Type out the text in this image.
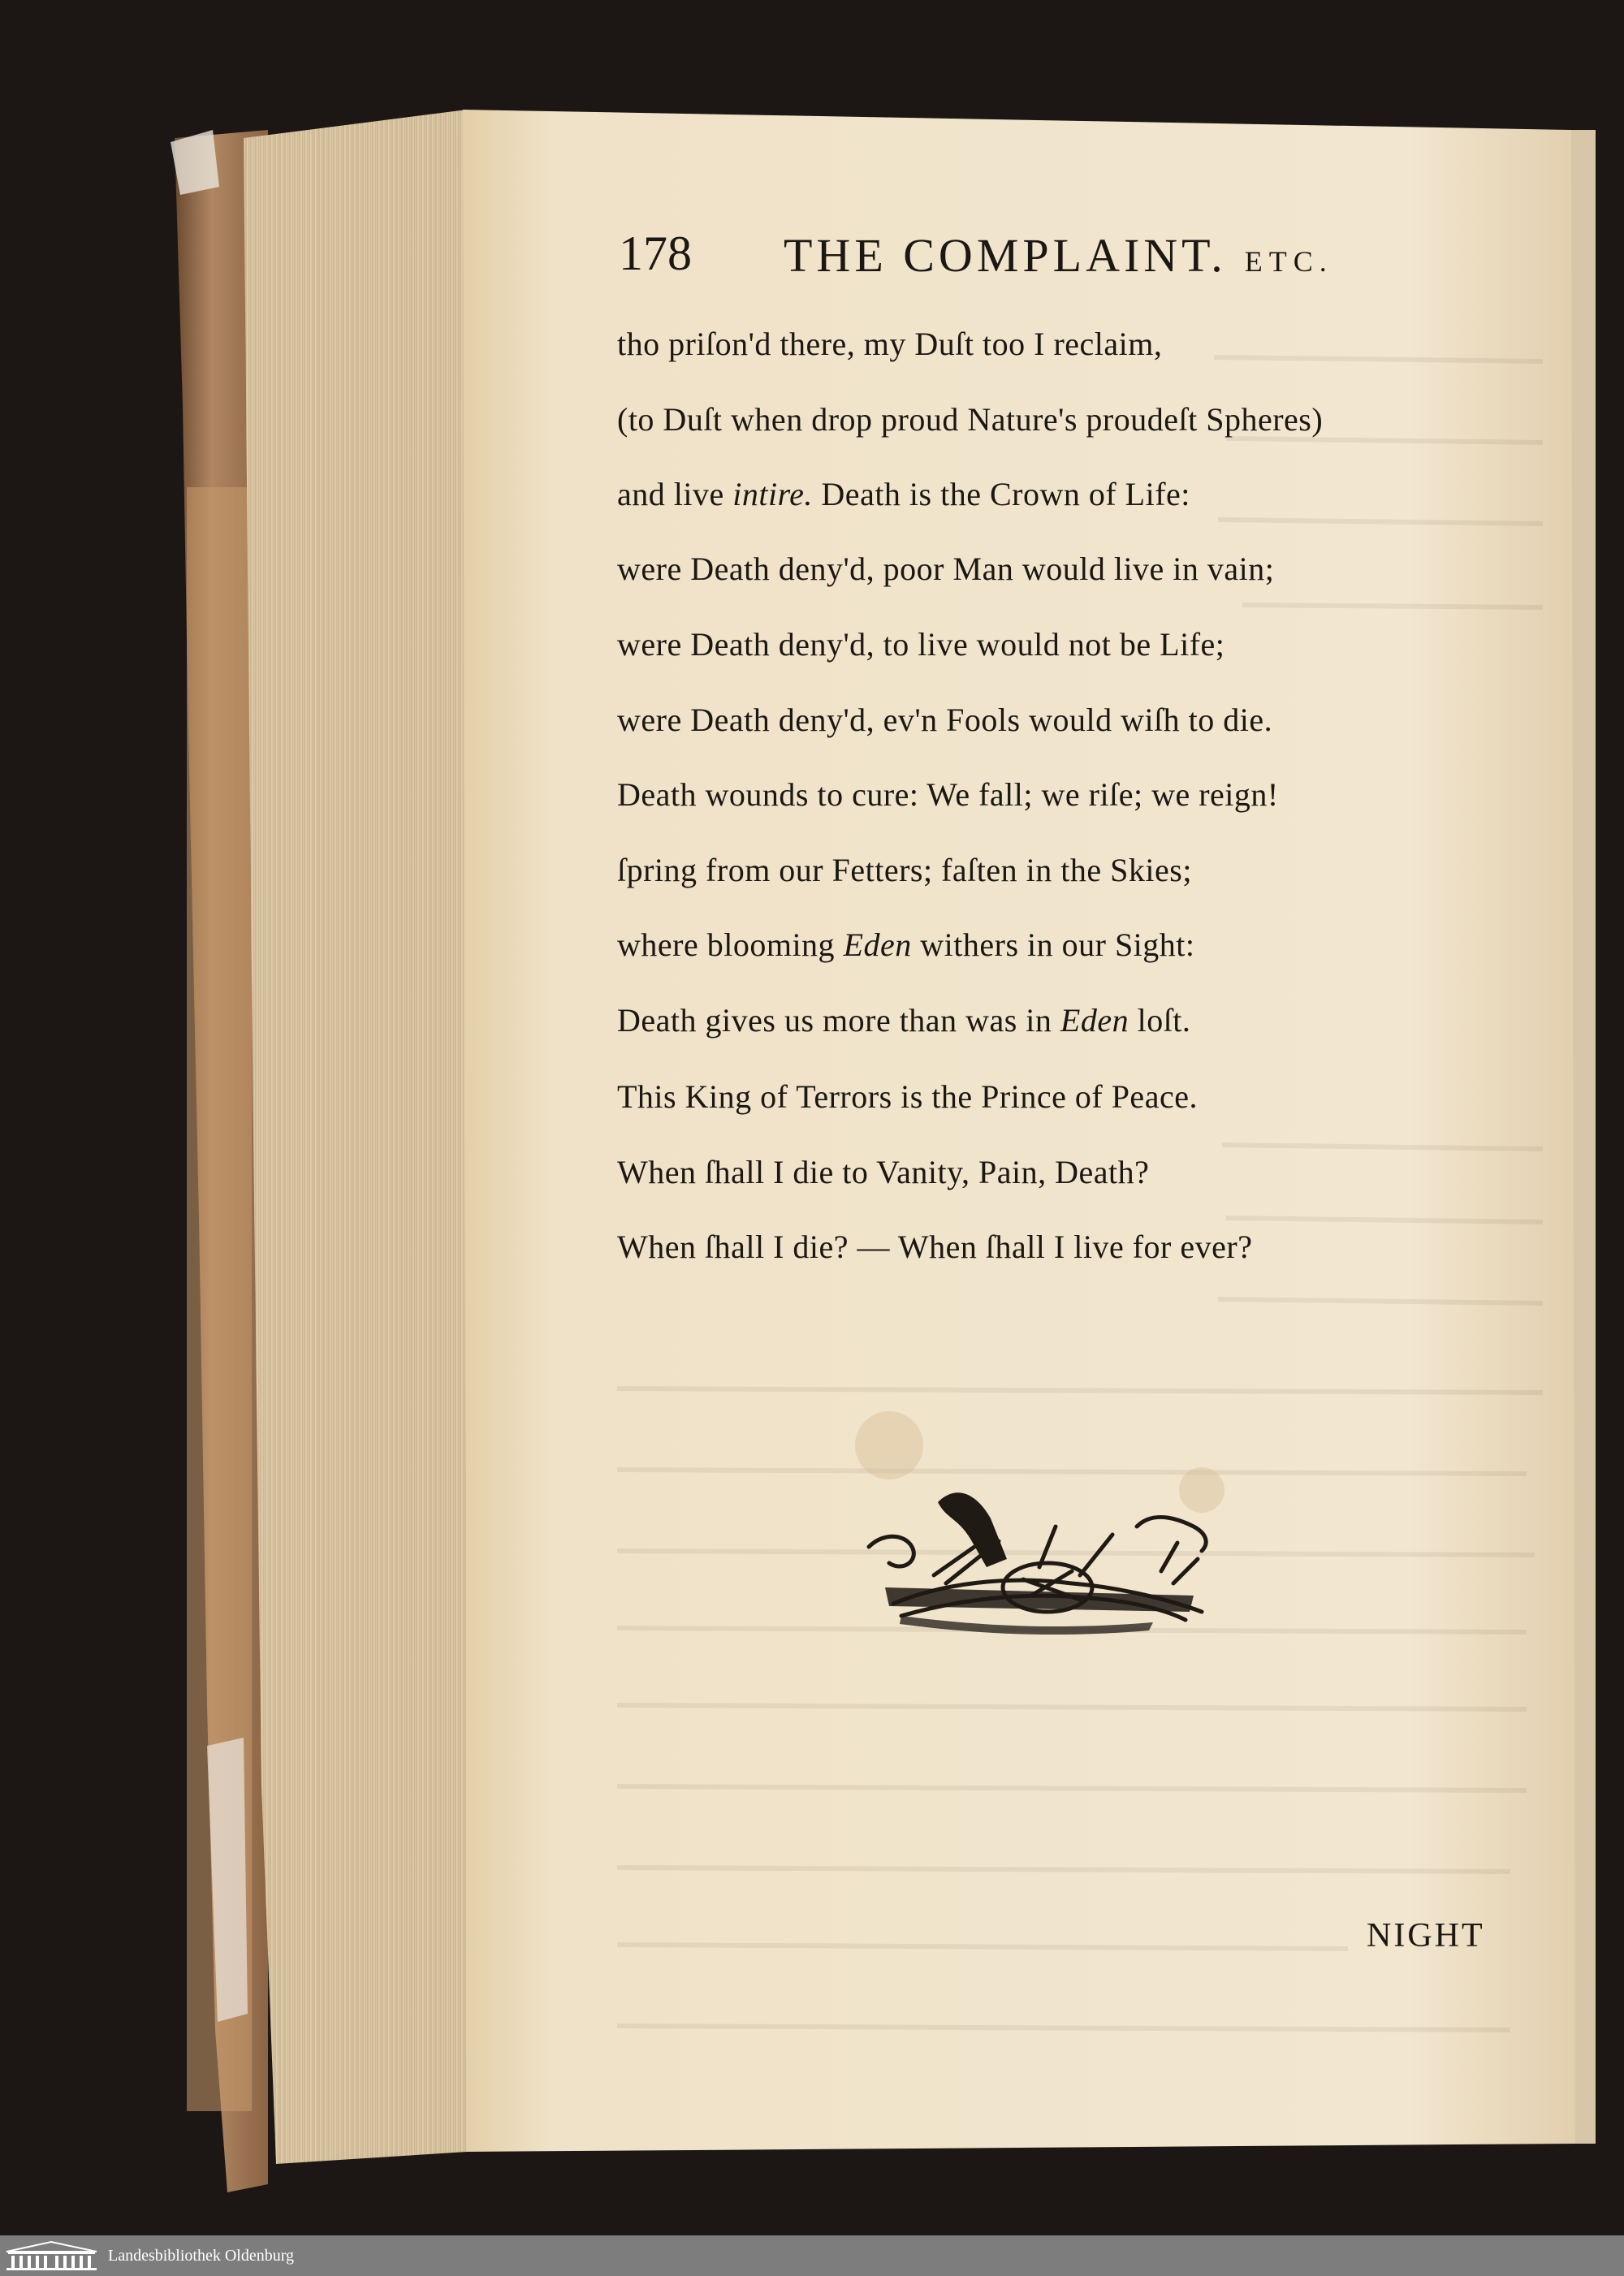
178 THE COMPLAINT. ETC.
tho priſon'd there, my Duſt too I reclaim,
(to Duſt when drop proud Nature's proudeſt Spheres)
and live intire. Death is the Crown of Life:
were Death deny'd, poor Man would live in vain;
were Death deny'd, to live would not be Life;
were Death deny'd, ev'n Fools would wiſh to die.
Death wounds to cure: We fall; we riſe; we reign!
ſpring from our Fetters; faſten in the Skies;
where blooming Eden withers in our Sight:
Death gives us more than was in Eden loſt.
This King of Terrors is the Prince of Peace.
When ſhall I die to Vanity, Pain, Death?
When ſhall I die? — When ſhall I live for ever?
NIGHT
Landesbibliothek Oldenburg
